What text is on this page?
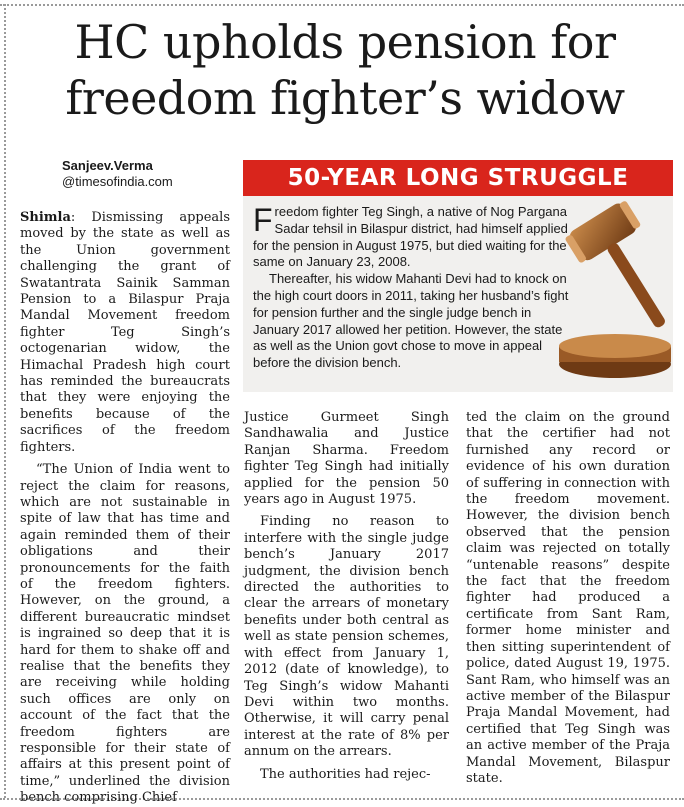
HC upholds pension for freedom fighter’s widow
Sanjeev.Verma
@timesofindia.com	50-YEAR LONG STRUGGLE

F reedom fighter Teg Singh, a native of Nog Pargana Sadar tehsil in Bilaspur district, had himself applied for the pension in August 1975, but died waiting for the same on January 23, 2008.

Thereafter, his widow Mahanti Devi had to knock on the high court doors in 2011, taking her husband’s fight for pension further and the single judge bench in January 2017 allowed her petition. However, the state as well as the Union govt chose to move in appeal before the division bench.

Shimla: Dismissing appeals moved by the state as well as the Union government challenging the grant of Swatantrata Sainik Samman Pension to a Bilaspur Praja Mandal Movement freedom fighter Teg Singh’s octogenarian widow, the Himachal Pradesh high court has reminded the bureaucrats that they were enjoying the benefits because of the sacrifices of the freedom fighters.

“The Union of India went to reject the claim for reasons, which are not sustainable in spite of law that has time and again reminded them of their obligations and their pronouncements for the faith of the freedom fighters. However, on the ground, a different bureaucratic mindset is ingrained so deep that it is hard for them to shake off and realise that the benefits they are receiving while holding such offices are only on account of the fact that the freedom fighters are responsible for their state of affairs at this present point of time,” underlined the division bench comprising Chief

Justice Gurmeet Singh Sandhawalia and Justice Ranjan Sharma. Freedom fighter Teg Singh had initially applied for the pension 50 years ago in August 1975.

Finding no reason to interfere with the single judge bench’s January 2017 judgment, the division bench directed the authorities to clear the arrears of monetary benefits under both central as well as state pension schemes, with effect from January 1, 2012 (date of knowledge), to Teg Singh’s widow Mahanti Devi within two months. Otherwise, it will carry penal interest at the rate of 8% per annum on the arrears.

The authorities had rejec-

ted the claim on the ground that the certifier had not furnished any record or evidence of his own duration of suffering in connection with the freedom movement. However, the division bench observed that the pension claim was rejected on totally “untenable reasons” despite the fact that the freedom fighter had produced a certificate from Sant Ram, former home minister and then sitting superintendent of police, dated August 19, 1975. Sant Ram, who himself was an active member of the Bilaspur Praja Mandal Movement, had certified that Teg Singh was an active member of the Praja Mandal Movement, Bilaspur state.
